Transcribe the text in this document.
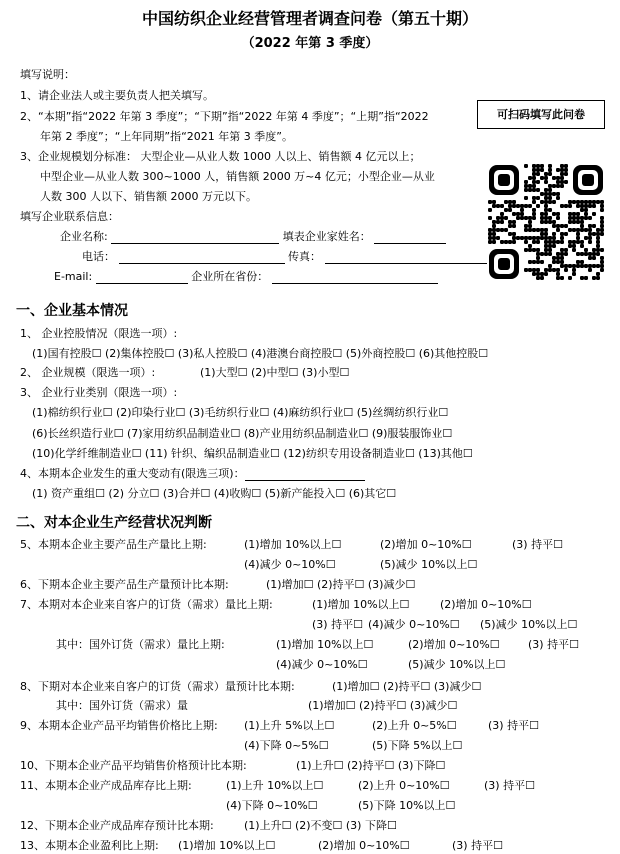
中国纺织企业经营管理者调查问卷（第五十期）
（2022 年第 3 季度）
填写说明：
1、请企业法人或主要负责人把关填写。
2、“本期”指“2022 年第 3 季度”；“下期”指“2022 年第 4 季度”；“上期”指“2022
年第 2 季度”；“上年同期”指“2021 年第 3 季度”。
3、企业规模划分标准： 大型企业—从业人数 1000 人以上、销售额 4 亿元以上；
中型企业—从业人数 300~1000 人，销售额 2000 万~4 亿元；小型企业—从业
人数 300 人以下、销售额 2000 万元以下。
填写企业联系信息：
企业名称:	填表企业家姓名：
电话：	传真：
E-mail:	企业所在省份：
可扫码填写此问卷
一、企业基本情况
1、 企业控股情况（限选一项）:
(1)国有控股☐ (2)集体控股☐ (3)私人控股☐ (4)港澳台商控股☐ (5)外商控股☐ (6)其他控股☐
2、 企业规模（限选一项）:	(1)大型☐ (2)中型☐ (3)小型☐
3、 企业行业类别（限选一项）:
(1)棉纺织行业☐ (2)印染行业☐ (3)毛纺织行业☐ (4)麻纺织行业☐ (5)丝绸纺织行业☐
(6)长丝织造行业☐ (7)家用纺织品制造业☐ (8)产业用纺织品制造业☐ (9)服装服饰业☐
(10)化学纤维制造业☐ (11) 针织、编织品制造业☐ (12)纺织专用设备制造业☐ (13)其他☐
4、本期本企业发生的重大变动有(限选三项)：
(1) 资产重组☐ (2) 分立☐ (3)合并☐ (4)收购☐ (5)新产能投入☐ (6)其它☐
二、对本企业生产经营状况判断
5、本期本企业主要产品生产量比上期:	(1)增加 10%以上☐	(2)增加 0~10%☐	(3) 持平☐
(4)减少 0~10%☐	(5)减少 10%以上☐
6、下期本企业主要产品生产量预计比本期:	(1)增加☐ (2)持平☐ (3)减少☐
7、本期对本企业来自客户的订货（需求）量比上期:	(1)增加 10%以上☐	(2)增加 0~10%☐
(3) 持平☐ (4)减少 0~10%☐ (5)减少 10%以上☐
其中：国外订货（需求）量比上期:	(1)增加 10%以上☐	(2)增加 0~10%☐	(3) 持平☐
(4)减少 0~10%☐	(5)减少 10%以上☐
8、下期对本企业来自客户的订货（需求）量预计比本期:	(1)增加☐ (2)持平☐ (3)减少☐
其中：国外订货（需求）量	(1)增加☐ (2)持平☐ (3)减少☐
9、本期本企业产品平均销售价格比上期: (1)上升 5%以上☐	(2)上升 0~5%☐	(3) 持平☐
(4)下降 0~5%☐	(5)下降 5%以上☐
10、下期本企业产品平均销售价格预计比本期:	(1)上升☐ (2)持平☐ (3)下降☐
11、本期本企业产成品库存比上期:	(1)上升 10%以上☐	(2)上升 0~10%☐	(3) 持平☐
(4)下降 0~10%☐	(5)下降 10%以上☐
12、下期本企业产成品库存预计比本期:	(1)上升☐ (2)不变☐ (3) 下降☐
13、本期本企业盈利比上期: (1)增加 10%以上☐	(2)增加 0~10%☐	(3) 持平☐
